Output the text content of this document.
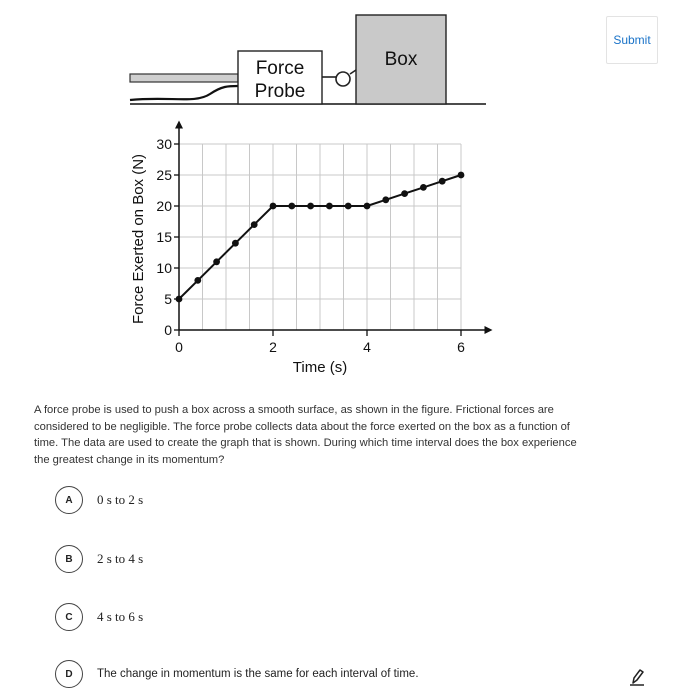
Submit
Force
Probe
Box
0
5
10
15
20
25
30
0	2	4	6
Time (s)
Force Exerted on Box (N)
A force probe is used to push a box across a smooth surface, as shown in the figure. Frictional forces are considered to be negligible. The force probe collects data about the force exerted on the box as a function of time. The data are used to create the graph that is shown. During which time interval does the box experience the greatest change in its momentum?
A	0 s to 2 s
B	2 s to 4 s
C	4 s to 6 s
D	The change in momentum is the same for each interval of time.
